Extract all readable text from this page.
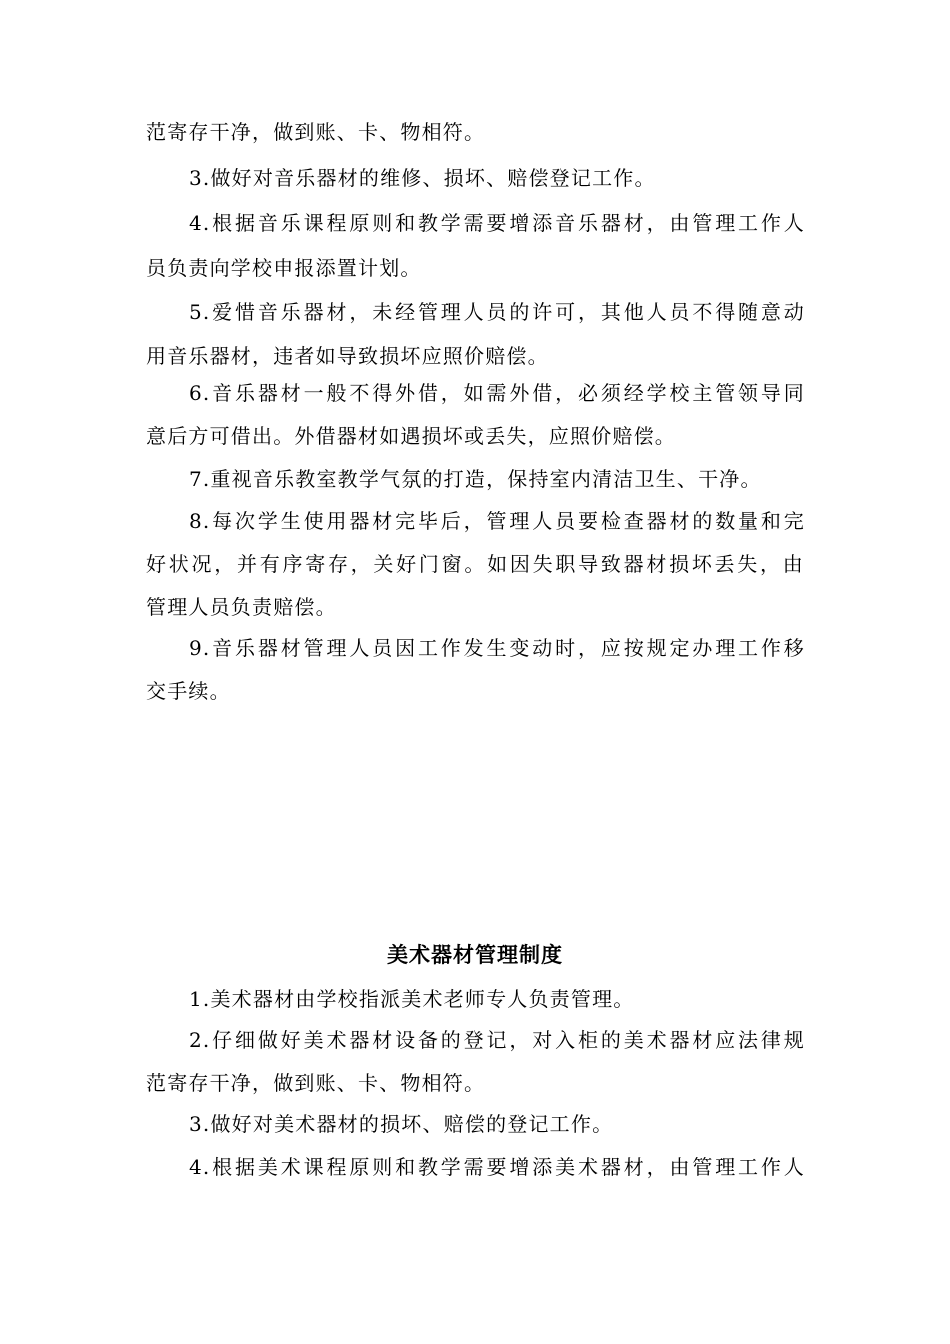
范寄存干净，做到账、卡、物相符。
3.做好对音乐器材的维修、损坏、赔偿登记工作。
4.根据音乐课程原则和教学需要增添音乐器材，由管理工作人
员负责向学校申报添置计划。
5.爱惜音乐器材，未经管理人员的许可，其他人员不得随意动
用音乐器材，违者如导致损坏应照价赔偿。
6.音乐器材一般不得外借，如需外借，必须经学校主管领导同
意后方可借出。外借器材如遇损坏或丢失，应照价赔偿。
7.重视音乐教室教学气氛的打造，保持室内清洁卫生、干净。
8.每次学生使用器材完毕后，管理人员要检查器材的数量和完
好状况，并有序寄存，关好门窗。如因失职导致器材损坏丢失，由
管理人员负责赔偿。
9.音乐器材管理人员因工作发生变动时，应按规定办理工作移
交手续。
美术器材管理制度
1.美术器材由学校指派美术老师专人负责管理。
2.仔细做好美术器材设备的登记，对入柜的美术器材应法律规
范寄存干净，做到账、卡、物相符。
3.做好对美术器材的损坏、赔偿的登记工作。
4.根据美术课程原则和教学需要增添美术器材，由管理工作人
